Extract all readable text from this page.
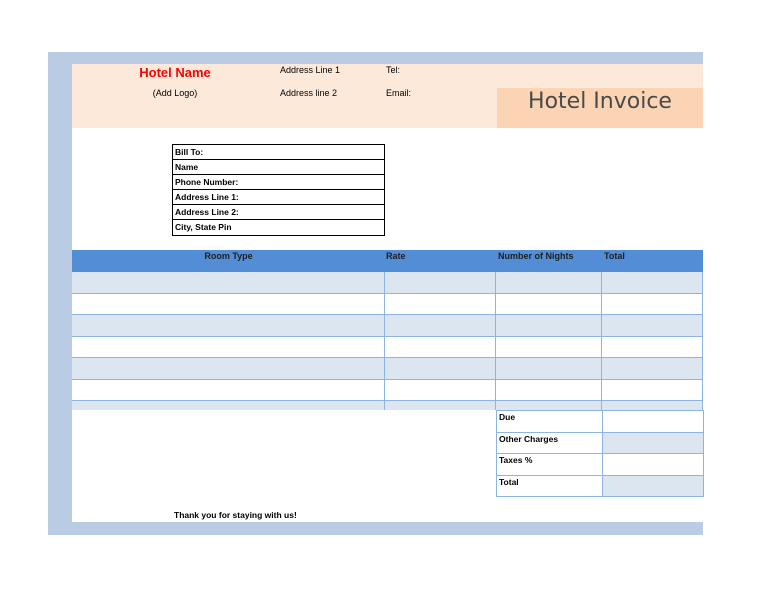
Hotel Name
(Add Logo)
Address Line 1
Address line 2
Tel:
Email:	Hotel Invoice
Bill To:
Name
Phone Number:
Address Line 1:
Address Line 2:
City, State Pin
Room Type	Rate	Number of Nights	Total
Due
Other Charges
Taxes %
Total
Thank you for staying with us!
